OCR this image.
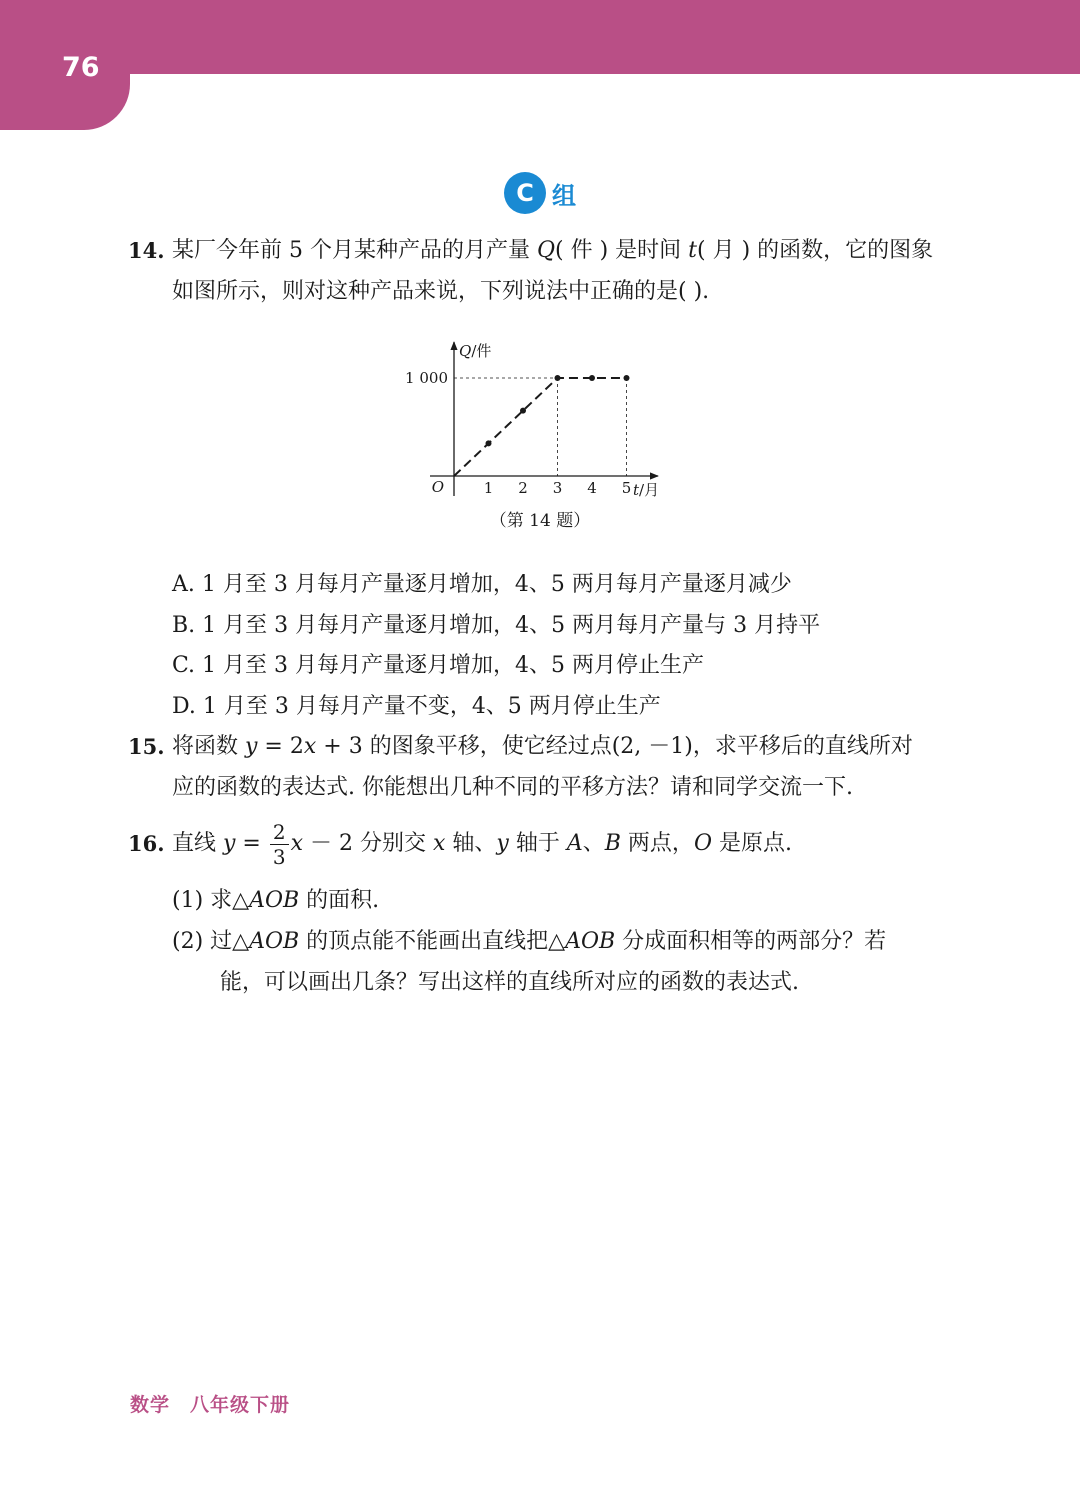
76
C 组
14. 某厂今年前 5 个月某种产品的月产量 Q( 件 ) 是时间 t( 月 ) 的函数，它的图象
如图所示，则对这种产品来说，下列说法中正确的是( ).
1 2 3 4 5
1 000
O	t/月
Q/件
（第 14 题）
A. 1 月至 3 月每月产量逐月增加，4、5 两月每月产量逐月减少
B. 1 月至 3 月每月产量逐月增加，4、5 两月每月产量与 3 月持平
C. 1 月至 3 月每月产量逐月增加，4、5 两月停止生产
D. 1 月至 3 月每月产量不变，4、5 两月停止生产
15. 将函数 y = 2x + 3 的图象平移，使它经过点(2, －1)，求平移后的直线所对
应的函数的表达式. 你能想出几种不同的平移方法？请和同学交流一下.
16. 直线 $y = \frac{2}{3}$ x － 2 分别交 x 轴、y 轴于 A、B 两点，O 是原点.
(1) 求△AOB 的面积.
(2) 过△AOB 的顶点能不能画出直线把△AOB 分成面积相等的两部分？若
能，可以画出几条？写出这样的直线所对应的函数的表达式.
数学　八年级下册
